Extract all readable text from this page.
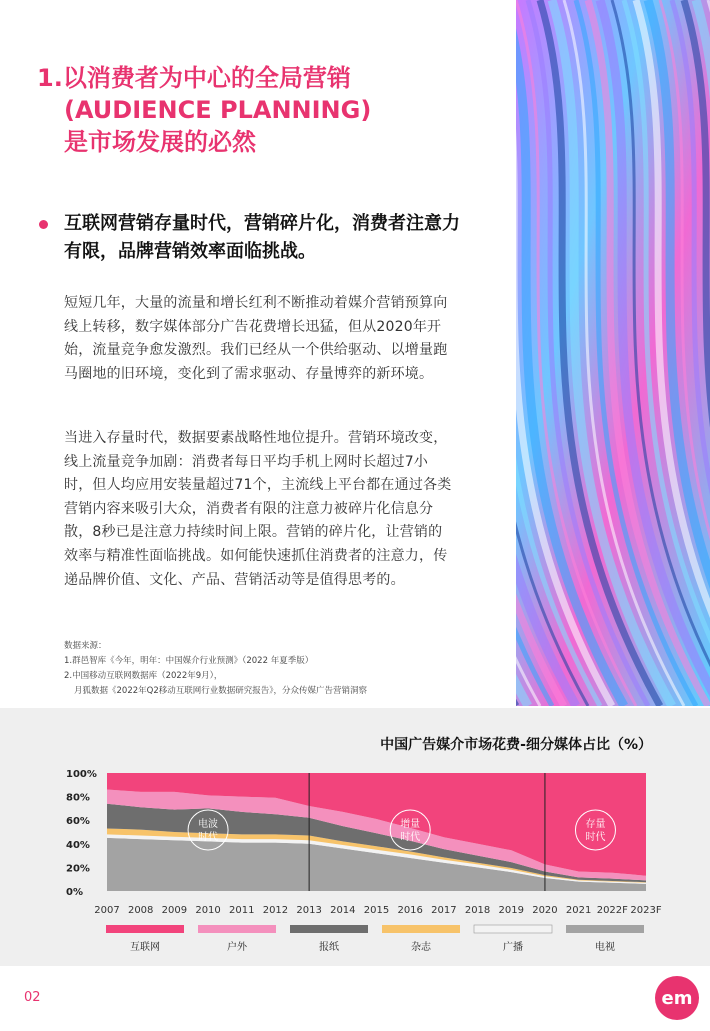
1.以消费者为中心的全局营销
(AUDIENCE PLANNING)
是市场发展的必然
互联网营销存量时代，营销碎片化，消费者注意力有限，品牌营销效率面临挑战。
短短几年，大量的流量和增长红利不断推动着媒介营销预算向线上转移，数字媒体部分广告花费增长迅猛，但从2020年开始，流量竞争愈发激烈。我们已经从一个供给驱动、以增量跑马圈地的旧环境，变化到了需求驱动、存量博弈的新环境。
当进入存量时代，数据要素战略性地位提升。营销环境改变，线上流量竞争加剧：消费者每日平均手机上网时长超过7小时，但人均应用安装量超过71个，主流线上平台都在通过各类营销内容来吸引大众，消费者有限的注意力被碎片化信息分散，8秒已是注意力持续时间上限。营销的碎片化，让营销的效率与精准性面临挑战。如何能快速抓住消费者的注意力，传递品牌价值、文化、产品、营销活动等是值得思考的。
数据来源：
1.群邑智库《今年，明年：中国媒介行业预测》（2022 年夏季版）
2.中国移动互联网数据库（2022年9月），
月狐数据《2022年Q2移动互联网行业数据研究报告》，分众传媒广告营销洞察
中国广告媒介市场花费-细分媒体占比（%）
0%
20%
40%
60%
80%
100%
2007 2008 2009 2010 2011 2012 2013 2014 2015 2016 2017 2018 2019 2020 2021 2022F 2023F
电波
时代
增量
时代
存量
时代
互联网	户外	报纸	杂志	广播	电视
02	em
